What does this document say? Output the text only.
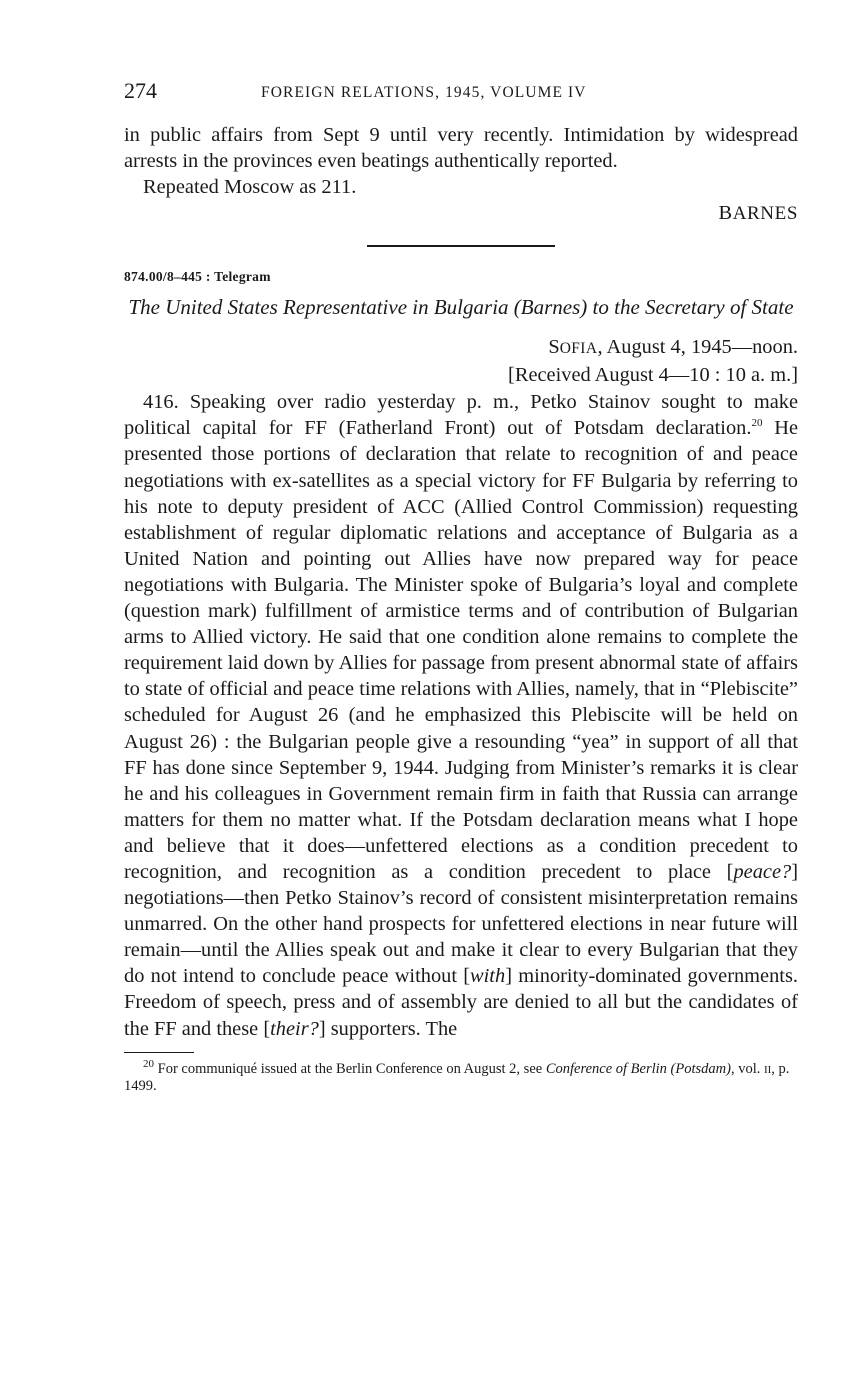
274	FOREIGN RELATIONS, 1945, VOLUME IV

in public affairs from Sept 9 until very recently. Intimidation by widespread arrests in the provinces even beatings authentically reported.

Repeated Moscow as 211.

BARNES
874.00/8–445 : Telegram
The United States Representative in Bulgaria (Barnes) to the Secretary of State
SOFIA, August 4, 1945—noon.
[Received August 4—10 : 10 a. m.]

416. Speaking over radio yesterday p. m., Petko Stainov sought to make political capital for FF (Fatherland Front) out of Potsdam declaration.$^{20}$ He presented those portions of declaration that relate to recognition of and peace negotiations with ex-satellites as a special victory for FF Bulgaria by referring to his note to deputy president of ACC (Allied Control Commission) requesting establishment of regular diplomatic relations and acceptance of Bulgaria as a United Nation and pointing out Allies have now prepared way for peace negotiations with Bulgaria. The Minister spoke of Bulgaria’s loyal and complete (question mark) fulfillment of armistice terms and of contribution of Bulgarian arms to Allied victory. He said that one condition alone remains to complete the requirement laid down by Allies for passage from present abnormal state of affairs to state of official and peace time relations with Allies, namely, that in “Plebiscite” scheduled for August 26 (and he emphasized this Plebiscite will be held on August 26) : the Bulgarian people give a resounding “yea” in support of all that FF has done since September 9, 1944. Judging from Minister’s remarks it is clear he and his colleagues in Government remain firm in faith that Russia can arrange matters for them no matter what. If the Potsdam declaration means what I hope and believe that it does—unfettered elections as a condition precedent to recognition, and recognition as a condition precedent to place [peace?] negotiations—then Petko Stainov’s record of consistent misinterpretation remains unmarred. On the other hand prospects for unfettered elections in near future will remain—until the Allies speak out and make it clear to every Bulgarian that they do not intend to conclude peace without [with] minority-dominated governments. Freedom of speech, press and of assembly are denied to all but the candidates of the FF and these [their?] supporters. The

$^{20}$ For communiqué issued at the Berlin Conference on August 2, see Conference of Berlin (Potsdam), vol. II, p. 1499.
